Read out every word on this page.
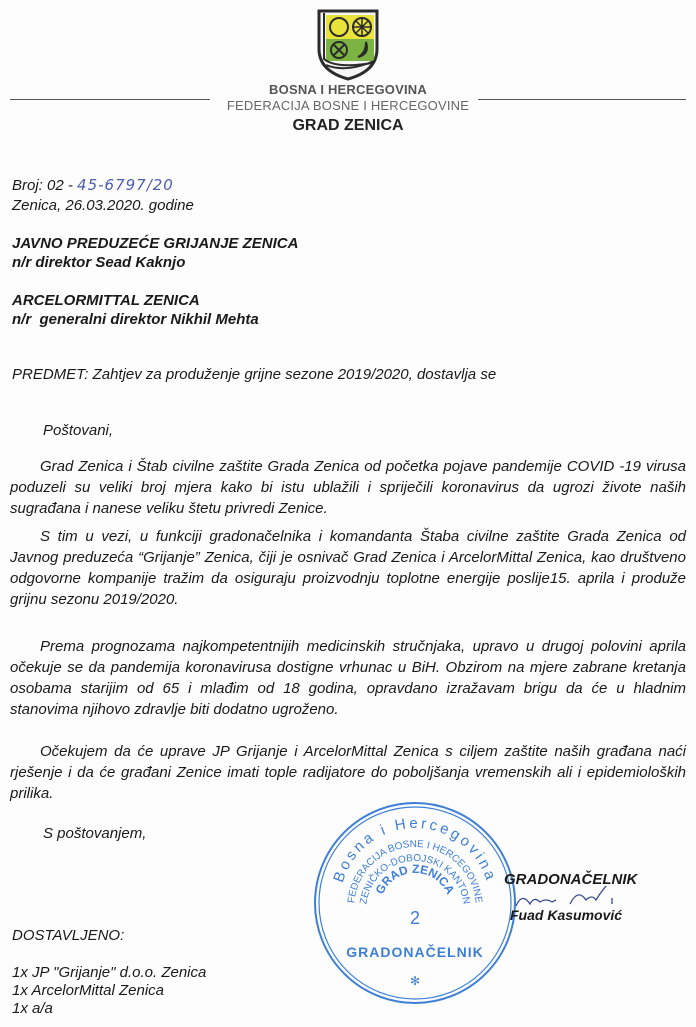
BOSNA I HERCEGOVINA
FEDERACIJA BOSNE I HERCEGOVINE
GRAD ZENICA
Broj: 02 - 45-6797/20
Zenica, 26.03.2020. godine
JAVNO PREDUZEĆE GRIJANJE ZENICA
n/r direktor Sead Kaknjo
ARCELORMITTAL ZENICA
n/r  generalni direktor Nikhil Mehta
PREDMET: Zahtjev za produženje grijne sezone 2019/2020, dostavlja se
Poštovani,
Grad Zenica i Štab civilne zaštite Grada Zenica od početka pojave pandemije COVID -19 virusa poduzeli su veliki broj mjera kako bi istu ublažili i spriječili koronavirus da ugrozi živote naših sugrađana i nanese veliku štetu privredi Zenice.
S tim u vezi, u funkciji gradonačelnika i komandanta Štaba civilne zaštite Grada Zenica od Javnog preduzeća “Grijanje” Zenica, čiji je osnivač Grad Zenica i ArcelorMittal Zenica, kao društveno odgovorne kompanije tražim da osiguraju proizvodnju toplotne energije poslije15. aprila i produže grijnu sezonu 2019/2020.
Prema prognozama najkompetentnijih medicinskih stručnjaka, upravo u drugoj polovini aprila očekuje se da pandemija koronavirusa dostigne vrhunac u BiH. Obzirom na mjere zabrane kretanja osobama starijim od 65 i mlađim od 18 godina, opravdano izražavam brigu da će u hladnim stanovima njihovo zdravlje biti dodatno ugroženo.
Očekujem da će uprave JP Grijanje i ArcelorMittal Zenica s ciljem zaštite naših građana naći rješenje i da će građani Zenice imati tople radijatore do poboljšanja vremenskih ali i epidemioloških prilika.
S poštovanjem,
Bosna i Hercegovina
FEDERACIJA BOSNE I HERCEGOVINE
ZENIČKO-DOBOJSKI KANTON
GRAD ZENICA
2
GRADONAČELNIK
✻
GRADONAČELNIK
Fuad Kasumović
DOSTAVLJENO:
1x JP "Grijanje" d.o.o. Zenica
1x ArcelorMittal Zenica
1x a/a
